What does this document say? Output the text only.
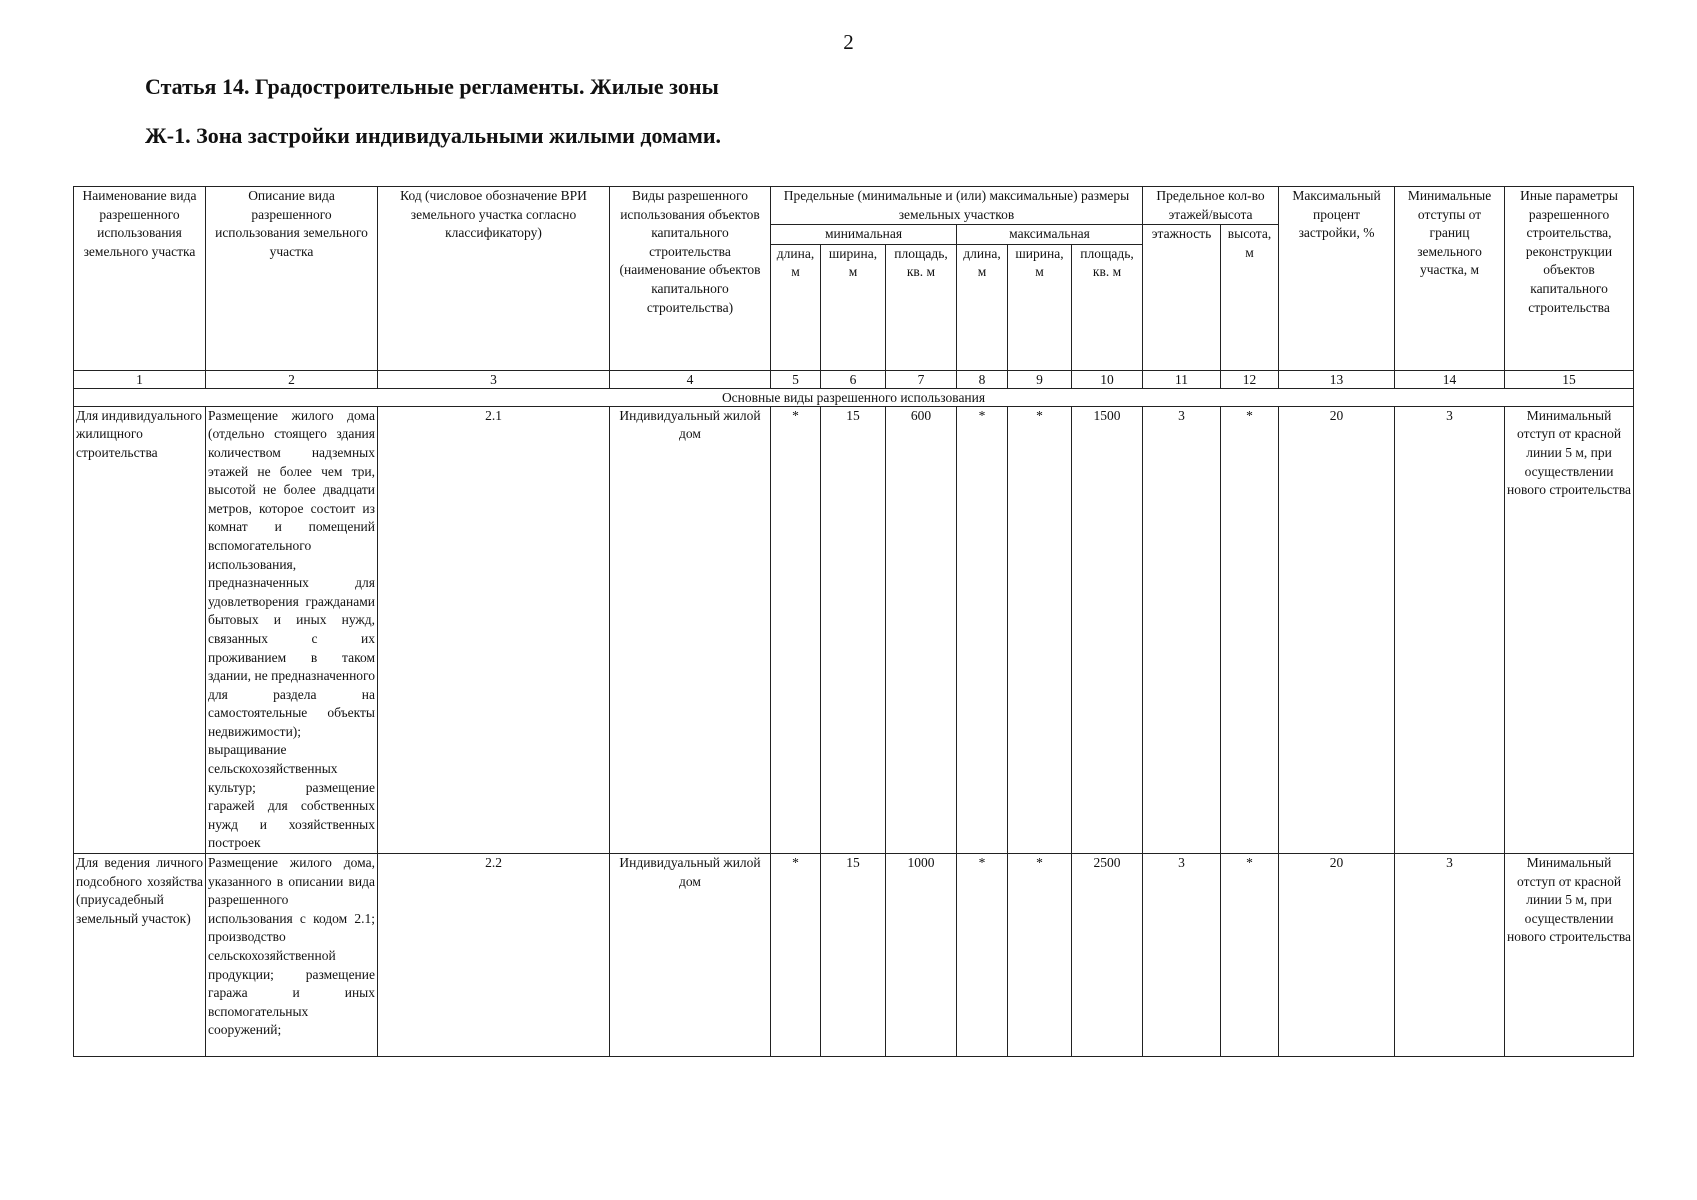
2
Статья 14. Градостроительные регламенты. Жилые зоны
Ж-1. Зона застройки индивидуальными жилыми домами.
Наименование вида разрешенного использования земельного участка	Описание вида разрешенного использования земельного участка	Код (числовое обозначение ВРИ земельного участка согласно классификатору)	Виды разрешенного использования объектов капитального строительства (наименование объектов капитального строительства)	Предельные (минимальные и (или) максимальные) размеры земельных участков						Предельное кол-во этажей/высота		Максимальный процент застройки, %	Минимальные отступы от границ земельного участка, м	Иные параметры разрешенного строительства, реконструкции объектов капитального строительства
				минимальная			максимальная			этажность	высота, м			
				длина, м	ширина, м	площадь, кв. м	длина, м	ширина, м	площадь, кв. м					
1	2	3	4	5	6	7	8	9	10	11	12	13	14	15
Основные виды разрешенного использования														
Для индивидуального жилищного строительства	Размещение жилого дома (отдельно стоящего здания количеством надземных этажей не более чем три, высотой не более двадцати метров, которое состоит из комнат и помещений вспомогательного использования, предназначенных для удовлетворения гражданами бытовых и иных нужд, связанных с их проживанием в таком здании, не предназначенного для раздела на самостоятельные объекты недвижимости); выращивание сельскохозяйственных культур; размещение гаражей для собственных нужд и хозяйственных построек	2.1	Индивидуальный жилой дом	*	15	600	*	*	1500	3	*	20	3	Минимальный отступ от красной линии 5 м, при осуществлении нового строительства
Для ведения личного подсобного хозяйства (приусадебный земельный участок)	Размещение жилого дома, указанного в описании вида разрешенного использования с кодом 2.1; производство сельскохозяйственной продукции; размещение гаража и иных вспомогательных сооружений;	2.2	Индивидуальный жилой дом	*	15	1000	*	*	2500	3	*	20	3	Минимальный отступ от красной линии 5 м, при осуществлении нового строительства
